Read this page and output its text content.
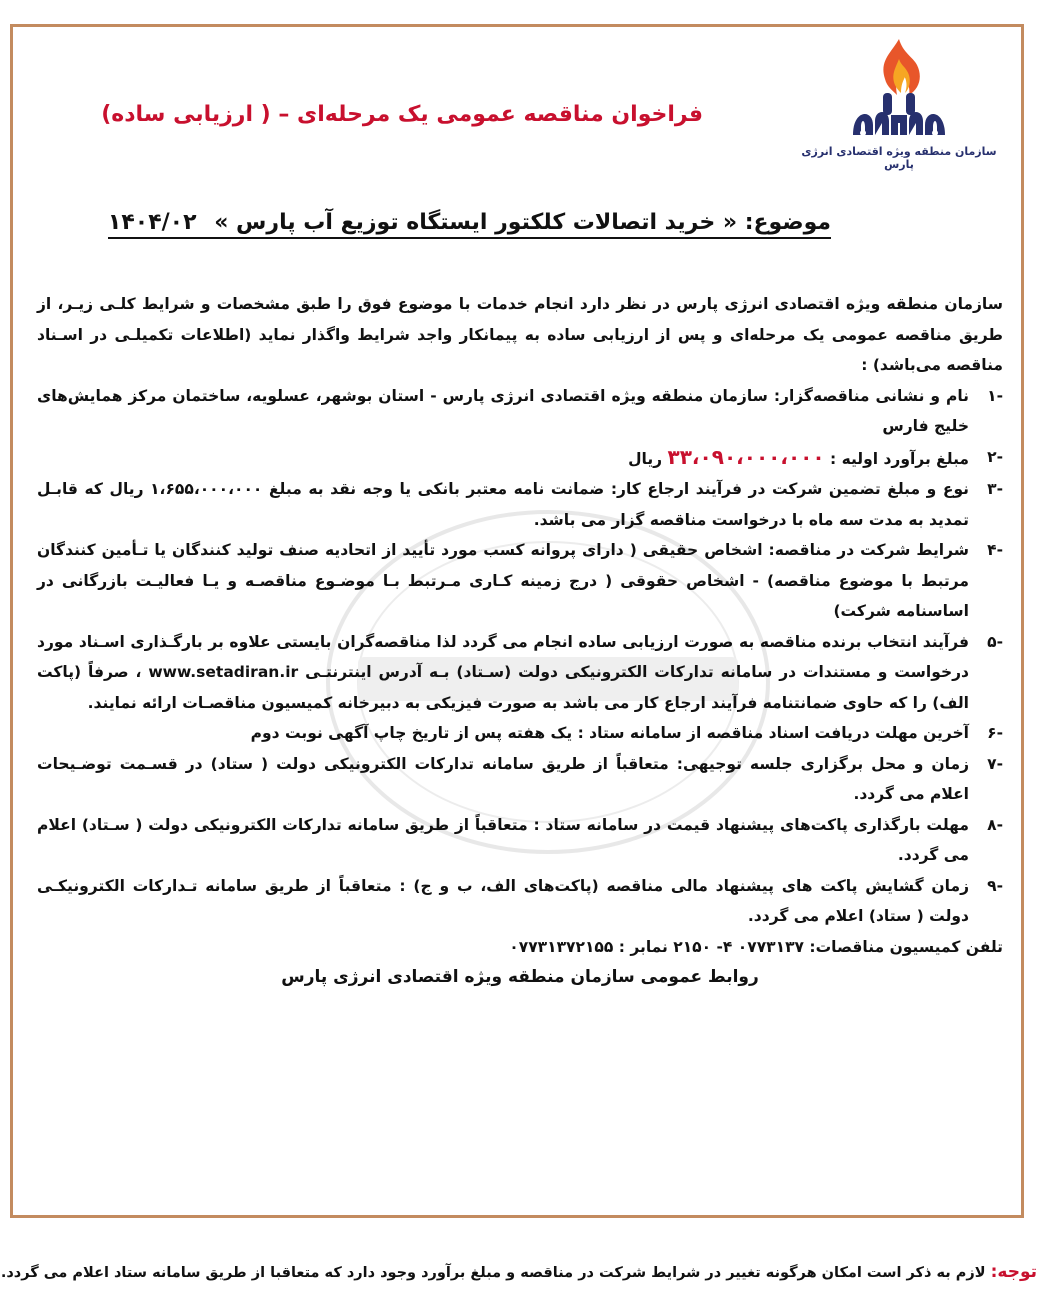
سازمان منطقه ویژه اقتصادی انرژی پارس
فراخوان مناقصه عمومی یک مرحله‌ای – ( ارزیابی ساده)
موضوع: « خرید اتصالات کلکتور ایستگاه توزیع آب پارس » ۱۴۰۴/۰۲

سازمان منطقه ویژه اقتصادی انرژی پارس در نظر دارد انجام خدمات با موضوع فوق را طبق مشخصات و شرایط کلـی زیـر، از طریق مناقصه عمومی یک مرحله‌ای و پس از ارزیابی ساده به پیمانکار واجد شرایط واگذار نماید (اطلاعات تکمیلـی در اسـناد مناقصه می‌باشد) :

-۱
نام و نشانی مناقصه‌گزار: سازمان منطقه ویژه اقتصادی انرژی پارس - استان بوشهر، عسلویه، ساختمان مرکز همایش‌های خلیج فارس
-۲
مبلغ برآورد اولیه : ۳۳،۰۹۰،۰۰۰،۰۰۰ ریال
-۳
نوع و مبلغ تضمین شرکت در فرآیند ارجاع کار: ضمانت نامه معتبر بانکی یا وجه نقد به مبلغ ۱،۶۵۵،۰۰۰،۰۰۰ ریال که قابـل تمدید به مدت سه ماه با درخواست مناقصه گزار می باشد.
-۴
شرایط شرکت در مناقصه: اشخاص حقیقی ( دارای پروانه کسب مورد تأیید از اتحادیه صنف تولید کنندگان یا تـأمین کنندگان مرتبط با موضوع مناقصه) - اشخاص حقوقی ( درج زمینه کـاری مـرتبط بـا موضـوع مناقصـه و یـا فعالیـت بازرگانی در اساسنامه شرکت)
-۵
فرآیند انتخاب برنده مناقصه به صورت ارزیابی ساده انجام می گردد لذا مناقصه‌گران بایستی علاوه بر بارگـذاری اسـناد مورد درخواست و مستندات در سامانه تدارکات الکترونیکی دولت (سـتاد) بـه آدرس اینترنتـی www.setadiran.ir ، صرفاً (پاکت الف) را که حاوی ضمانتنامه فرآیند ارجاع کار می باشد به صورت فیزیکی به دبیرخانه کمیسیون مناقصـات ارائه نمایند.
-۶
آخرین مهلت دریافت اسناد مناقصه از سامانه ستاد : یک هفته پس از تاریخ چاپ آگهی نوبت دوم
-۷
زمان و محل برگزاری جلسه توجیهی: متعاقباً از طریق سامانه تدارکات الکترونیکی دولت ( ستاد) در قسـمت توضـیحات اعلام می گردد.
-۸
مهلت بارگذاری پاکت‌های پیشنهاد قیمت در سامانه ستاد : متعاقباً از طریق سامانه تدارکات الکترونیکی دولت ( سـتاد) اعلام می گردد.
-۹
زمان گشایش پاکت های پیشنهاد مالی مناقصه (پاکت‌های الف، ب و ج) : متعاقباً از طریق سامانه تـدارکات الکترونیکـی دولت ( ستاد) اعلام می گردد.

تلفن کمیسیون مناقصات: ۲۱۵۰ -۴ ۰۷۷۳۱۳۷ نمابر : ۰۷۷۳۱۳۷۲۱۵۵

روابط عمومی سازمان منطقه ویژه اقتصادی انرژی پارس

توجه: لازم به ذکر است امکان هرگونه تغییر در شرایط شرکت در مناقصه و مبلغ برآورد وجود دارد که متعاقبا از طریق سامانه ستاد اعلام می گردد.
